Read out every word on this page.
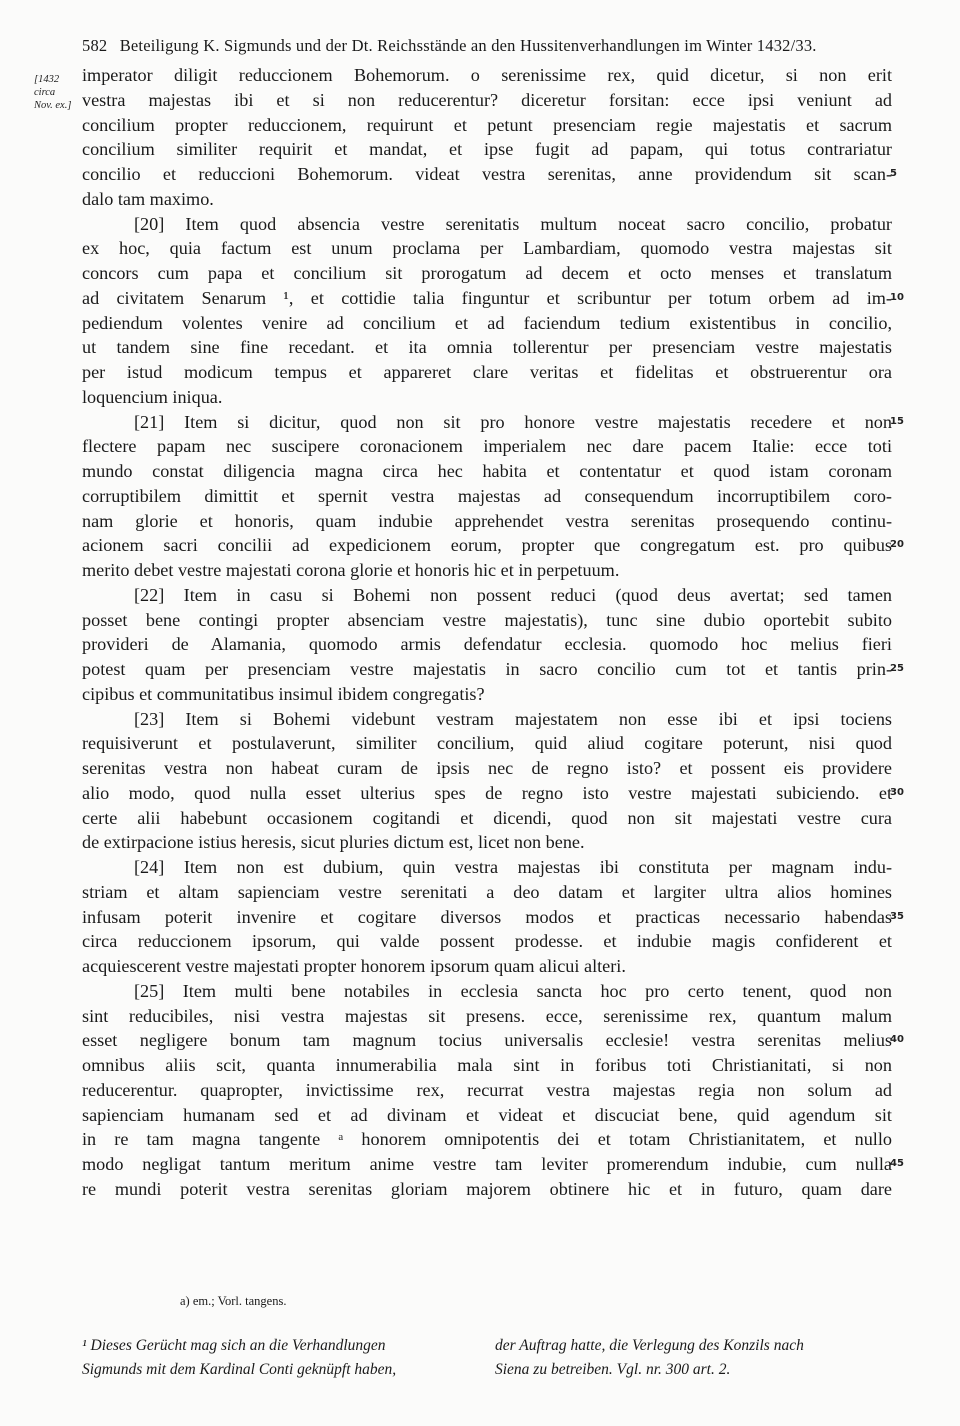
582 Beteiligung K. Sigmunds und der Dt. Reichsstände an den Hussitenverhandlungen im Winter 1432/33.
[1432
circa
Nov. ex.]
imperator diligit reduccionem Bohemorum. o serenissime rex, quid dicetur, si non erit
vestra majestas ibi et si non reducerentur? diceretur forsitan: ecce ipsi veniunt ad
concilium propter reduccionem, requirunt et petunt presenciam regie majestatis et sacrum
concilium similiter requirit et mandat, et ipse fugit ad papam, qui totus contrariatur
concilio et reduccioni Bohemorum. videat vestra serenitas, anne providendum sit scan-
dalo tam maximo.
[20] Item quod absencia vestre serenitatis multum noceat sacro concilio, probatur
ex hoc, quia factum est unum proclama per Lambardiam, quomodo vestra majestas sit
concors cum papa et concilium sit prorogatum ad decem et octo menses et translatum
ad civitatem Senarum ¹, et cottidie talia finguntur et scribuntur per totum orbem ad im-
pediendum volentes venire ad concilium et ad faciendum tedium existentibus in concilio,
ut tandem sine fine recedant. et ita omnia tollerentur per presenciam vestre majestatis
per istud modicum tempus et appareret clare veritas et fidelitas et obstruerentur ora
loquencium iniqua.
[21] Item si dicitur, quod non sit pro honore vestre majestatis recedere et non
flectere papam nec suscipere coronacionem imperialem nec dare pacem Italie: ecce toti
mundo constat diligencia magna circa hec habita et contentatur et quod istam coronam
corruptibilem dimittit et spernit vestra majestas ad consequendum incorruptibilem coro-
nam glorie et honoris, quam indubie apprehendet vestra serenitas prosequendo continu-
acionem sacri concilii ad expedicionem eorum, propter que congregatum est. pro quibus
merito debet vestre majestati corona glorie et honoris hic et in perpetuum.
[22] Item in casu si Bohemi non possent reduci (quod deus avertat; sed tamen
posset bene contingi propter absenciam vestre majestatis), tunc sine dubio oportebit subito
provideri de Alamania, quomodo armis defendatur ecclesia. quomodo hoc melius fieri
potest quam per presenciam vestre majestatis in sacro concilio cum tot et tantis prin-
cipibus et communitatibus insimul ibidem congregatis?
[23] Item si Bohemi videbunt vestram majestatem non esse ibi et ipsi tociens
requisiverunt et postulaverunt, similiter concilium, quid aliud cogitare poterunt, nisi quod
serenitas vestra non habeat curam de ipsis nec de regno isto? et possent eis providere
alio modo, quod nulla esset ulterius spes de regno isto vestre majestati subiciendo. et
certe alii habebunt occasionem cogitandi et dicendi, quod non sit majestati vestre cura
de extirpacione istius heresis, sicut pluries dictum est, licet non bene.
[24] Item non est dubium, quin vestra majestas ibi constituta per magnam indu-
striam et altam sapienciam vestre serenitati a deo datam et largiter ultra alios homines
infusam poterit invenire et cogitare diversos modos et practicas necessario habendas
circa reduccionem ipsorum, qui valde possent prodesse. et indubie magis confiderent et
acquiescerent vestre majestati propter honorem ipsorum quam alicui alteri.
[25] Item multi bene notabiles in ecclesia sancta hoc pro certo tenent, quod non
sint reducibiles, nisi vestra majestas sit presens. ecce, serenissime rex, quantum malum
esset negligere bonum tam magnum tocius universalis ecclesie! vestra serenitas melius
omnibus aliis scit, quanta innumerabilia mala sint in foribus toti Christianitati, si non
reducerentur. quapropter, invictissime rex, recurrat vestra majestas regia non solum ad
sapienciam humanam sed et ad divinam et videat et discuciat bene, quid agendum sit
in re tam magna tangente ᵃ honorem omnipotentis dei et totam Christianitatem, et nullo
modo negligat tantum meritum anime vestre tam leviter promerendum indubie, cum nulla
re mundi poterit vestra serenitas gloriam majorem obtinere hic et in futuro, quam dare
5
10
15
20
25
30
35
40
45
a) em.; Vorl. tangens.

¹ Dieses Gerücht mag sich an die Verhandlungen

Sigmunds mit dem Kardinal Conti geknüpft haben,

der Auftrag hatte, die Verlegung des Konzils nach

Siena zu betreiben. Vgl. nr. 300 art. 2.
